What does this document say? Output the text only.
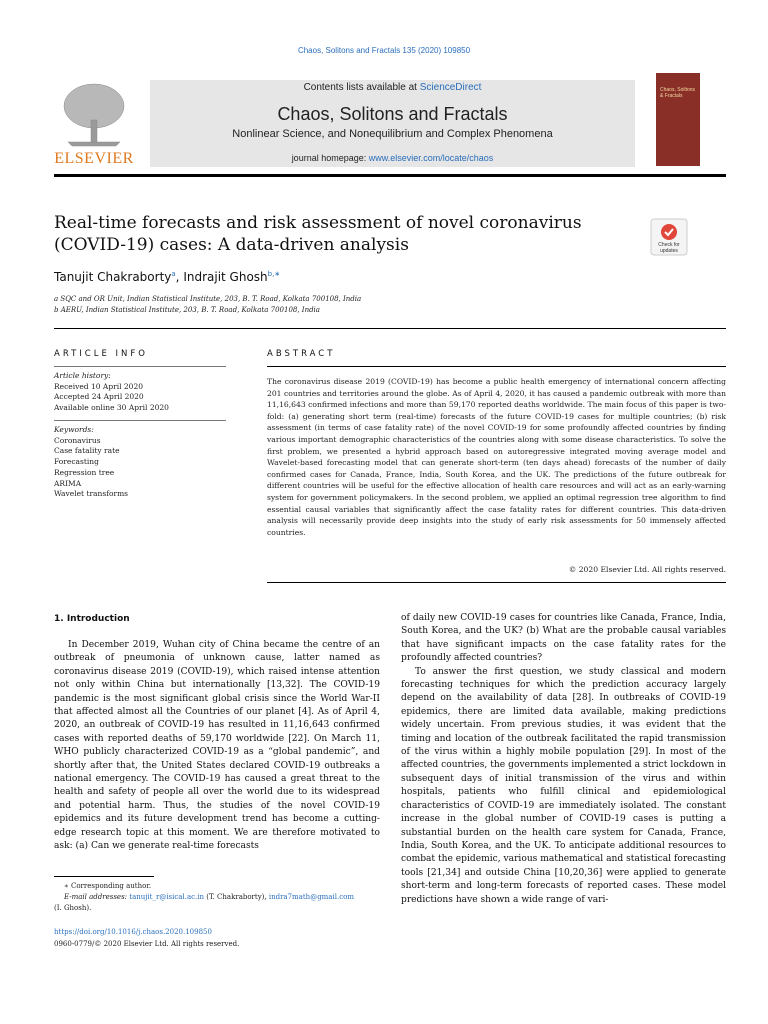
Chaos, Solitons and Fractals 135 (2020) 109850
ELSEVIER
Contents lists available at ScienceDirect
Chaos, Solitons and Fractals
Nonlinear Science, and Nonequilibrium and Complex Phenomena
journal homepage: www.elsevier.com/locate/chaos
Chaos, Solitons & Fractals
Real-time forecasts and risk assessment of novel coronavirus
(COVID-19) cases: A data-driven analysis	Check for updates
Tanujit Chakraborty$^a$, Indrajit Ghosh$^{b,∗}$
a SQC and OR Unit, Indian Statistical Institute, 203, B. T. Road, Kolkata 700108, India
b AERU, Indian Statistical Institute, 203, B. T. Road, Kolkata 700108, India
ARTICLE INFO
Article history:
Received 10 April 2020
Accepted 24 April 2020
Available online 30 April 2020
Keywords:
Coronavirus
Case fatality rate
Forecasting
Regression tree
ARIMA
Wavelet transforms
ABSTRACT
The coronavirus disease 2019 (COVID-19) has become a public health emergency of international concern affecting 201 countries and territories around the globe. As of April 4, 2020, it has caused a pandemic outbreak with more than 11,16,643 confirmed infections and more than 59,170 reported deaths worldwide. The main focus of this paper is two-fold: (a) generating short term (real-time) forecasts of the future COVID-19 cases for multiple countries; (b) risk assessment (in terms of case fatality rate) of the novel COVID-19 for some profoundly affected countries by finding various important demographic characteristics of the countries along with some disease characteristics. To solve the first problem, we presented a hybrid approach based on autoregressive integrated moving average model and Wavelet-based forecasting model that can generate short-term (ten days ahead) forecasts of the number of daily confirmed cases for Canada, France, India, South Korea, and the UK. The predictions of the future outbreak for different countries will be useful for the effective allocation of health care resources and will act as an early-warning system for government policymakers. In the second problem, we applied an optimal regression tree algorithm to find essential causal variables that significantly affect the case fatality rates for different countries. This data-driven analysis will necessarily provide deep insights into the study of early risk assessments for 50 immensely affected countries.
© 2020 Elsevier Ltd. All rights reserved.
1. Introduction

In December 2019, Wuhan city of China became the centre of an outbreak of pneumonia of unknown cause, latter named as coronavirus disease 2019 (COVID-19), which raised intense attention not only within China but internationally [13,32]. The COVID-19 pandemic is the most significant global crisis since the World War-II that affected almost all the Countries of our planet [4]. As of April 4, 2020, an outbreak of COVID-19 has resulted in 11,16,643 confirmed cases with reported deaths of 59,170 worldwide [22]. On March 11, WHO publicly characterized COVID-19 as a “global pandemic”, and shortly after that, the United States declared COVID-19 outbreaks a national emergency. The COVID-19 has caused a great threat to the health and safety of people all over the world due to its widespread and potential harm. Thus, the studies of the novel COVID-19 epidemics and its future development trend has become a cutting-edge research topic at this moment. We are therefore motivated to ask: (a) Can we generate real-time forecasts

of daily new COVID-19 cases for countries like Canada, France, India, South Korea, and the UK? (b) What are the probable causal variables that have significant impacts on the case fatality rates for the profoundly affected countries?

To answer the first question, we study classical and modern forecasting techniques for which the prediction accuracy largely depend on the availability of data [28]. In outbreaks of COVID-19 epidemics, there are limited data available, making predictions widely uncertain. From previous studies, it was evident that the timing and location of the outbreak facilitated the rapid transmission of the virus within a highly mobile population [29]. In most of the affected countries, the governments implemented a strict lockdown in subsequent days of initial transmission of the virus and within hospitals, patients who fulfill clinical and epidemiological characteristics of COVID-19 are immediately isolated. The constant increase in the global number of COVID-19 cases is putting a substantial burden on the health care system for Canada, France, India, South Korea, and the UK. To anticipate additional resources to combat the epidemic, various mathematical and statistical forecasting tools [21,34] and outside China [10,20,36] were applied to generate short-term and long-term forecasts of reported cases. These model predictions have shown a wide range of vari-

∗ Corresponding author.
E-mail addresses: tanujit_r@isical.ac.in (T. Chakraborty), indra7math@gmail.com
(I. Ghosh).
https://doi.org/10.1016/j.chaos.2020.109850
0960-0779/© 2020 Elsevier Ltd. All rights reserved.
